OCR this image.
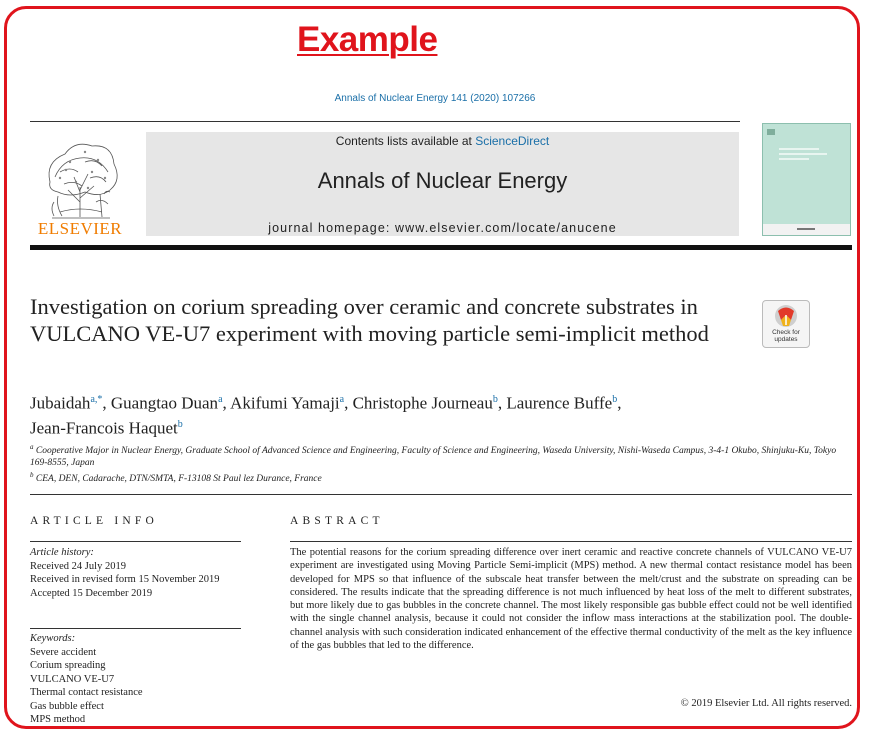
Example
Annals of Nuclear Energy 141 (2020) 107266
ELSEVIER
Contents lists available at ScienceDirect
Annals of Nuclear Energy
journal homepage: www.elsevier.com/locate/anucene
Investigation on corium spreading over ceramic and concrete substrates in VULCANO VE-U7 experiment with moving particle semi-implicit method	Check for
updates
Jubaidah$^{a,*}$, Guangtao Duan$^a$, Akifumi Yamaji$^a$, Christophe Journeau$^b$, Laurence Buffe$^b$,
Jean-Francois Haquet$^b$
$^a$ Cooperative Major in Nuclear Energy, Graduate School of Advanced Science and Engineering, Faculty of Science and Engineering, Waseda University, Nishi-Waseda Campus, 3-4-1 Okubo, Shinjuku-Ku, Tokyo 169-8555, Japan
$^b$ CEA, DEN, Cadarache, DTN/SMTA, F-13108 St Paul lez Durance, France
ARTICLE INFO	ABSTRACT
Article history:
Received 24 July 2019
Received in revised form 15 November 2019
Accepted 15 December 2019
Keywords:
Severe accident
Corium spreading
VULCANO VE-U7
Thermal contact resistance
Gas bubble effect
MPS method
The potential reasons for the corium spreading difference over inert ceramic and reactive concrete channels of VULCANO VE-U7 experiment are investigated using Moving Particle Semi-implicit (MPS) method. A new thermal contact resistance model has been developed for MPS so that influence of the subscale heat transfer between the melt/crust and the substrate on spreading can be considered. The results indicate that the spreading difference is not much influenced by heat loss of the melt to different substrates, but more likely due to gas bubbles in the concrete channel. The most likely responsible gas bubble effect could not be well identified with the single channel analysis, because it could not consider the inflow mass interactions at the stabilization pool. The double-channel analysis with such consideration indicated enhancement of the effective thermal conductivity of the melt as the key influence of the gas bubbles that led to the difference.
© 2019 Elsevier Ltd. All rights reserved.
